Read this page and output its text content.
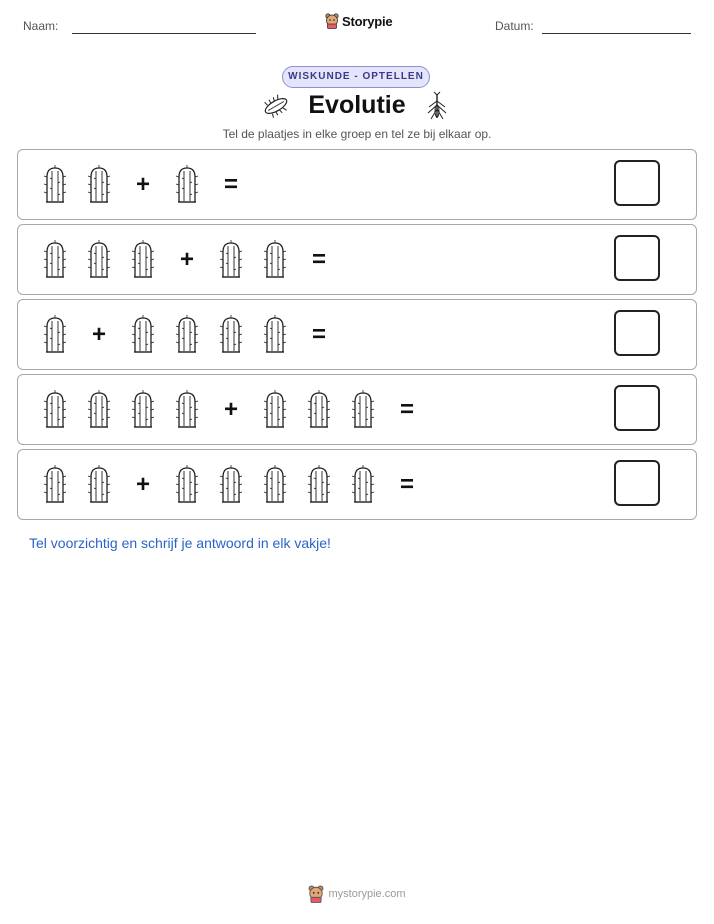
Naam:	Storypie	Datum:
WISKUNDE - OPTELLEN
Evolutie
Tel de plaatjes in elke groep en tel ze bij elkaar op.
+	=
+	=
+	=
+	=
+	=
Tel voorzichtig en schrijf je antwoord in elk vakje!
mystorypie.com
